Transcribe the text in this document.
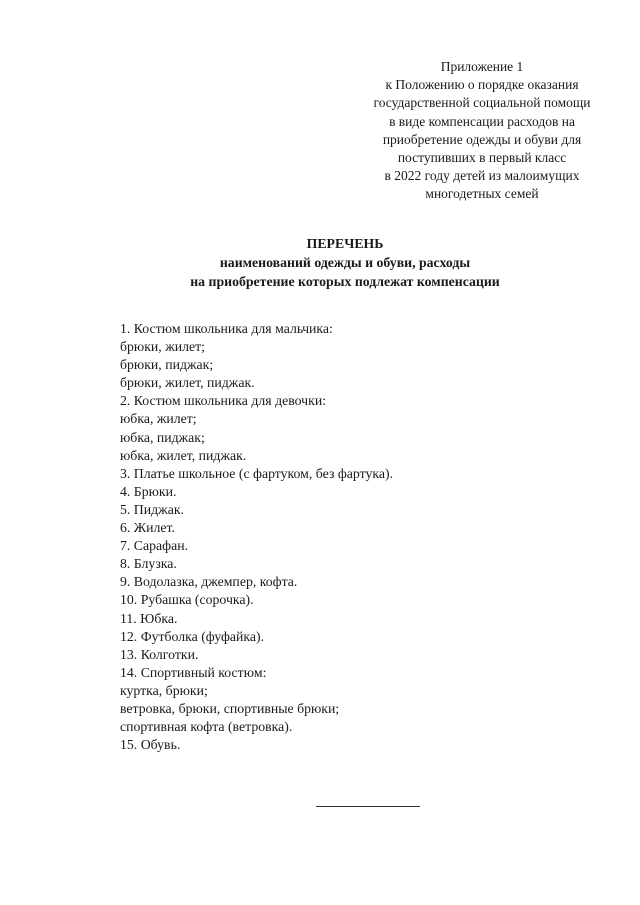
Приложение 1
к Положению о порядке оказания
государственной социальной помощи
в виде компенсации расходов на
приобретение одежды и обуви для
поступивших в первый класс
в 2022 году детей из малоимущих
многодетных семей
ПЕРЕЧЕНЬ
наименований одежды и обуви, расходы
на приобретение которых подлежат компенсации
1. Костюм школьника для мальчика:
брюки, жилет;
брюки, пиджак;
брюки, жилет, пиджак.
2. Костюм школьника для девочки:
юбка, жилет;
юбка, пиджак;
юбка, жилет, пиджак.
3. Платье школьное (с фартуком, без фартука).
4. Брюки.
5. Пиджак.
6. Жилет.
7. Сарафан.
8. Блузка.
9. Водолазка, джемпер, кофта.
10. Рубашка (сорочка).
11. Юбка.
12. Футболка (фуфайка).
13. Колготки.
14. Спортивный костюм:
куртка, брюки;
ветровка, брюки, спортивные брюки;
спортивная кофта (ветровка).
15. Обувь.
